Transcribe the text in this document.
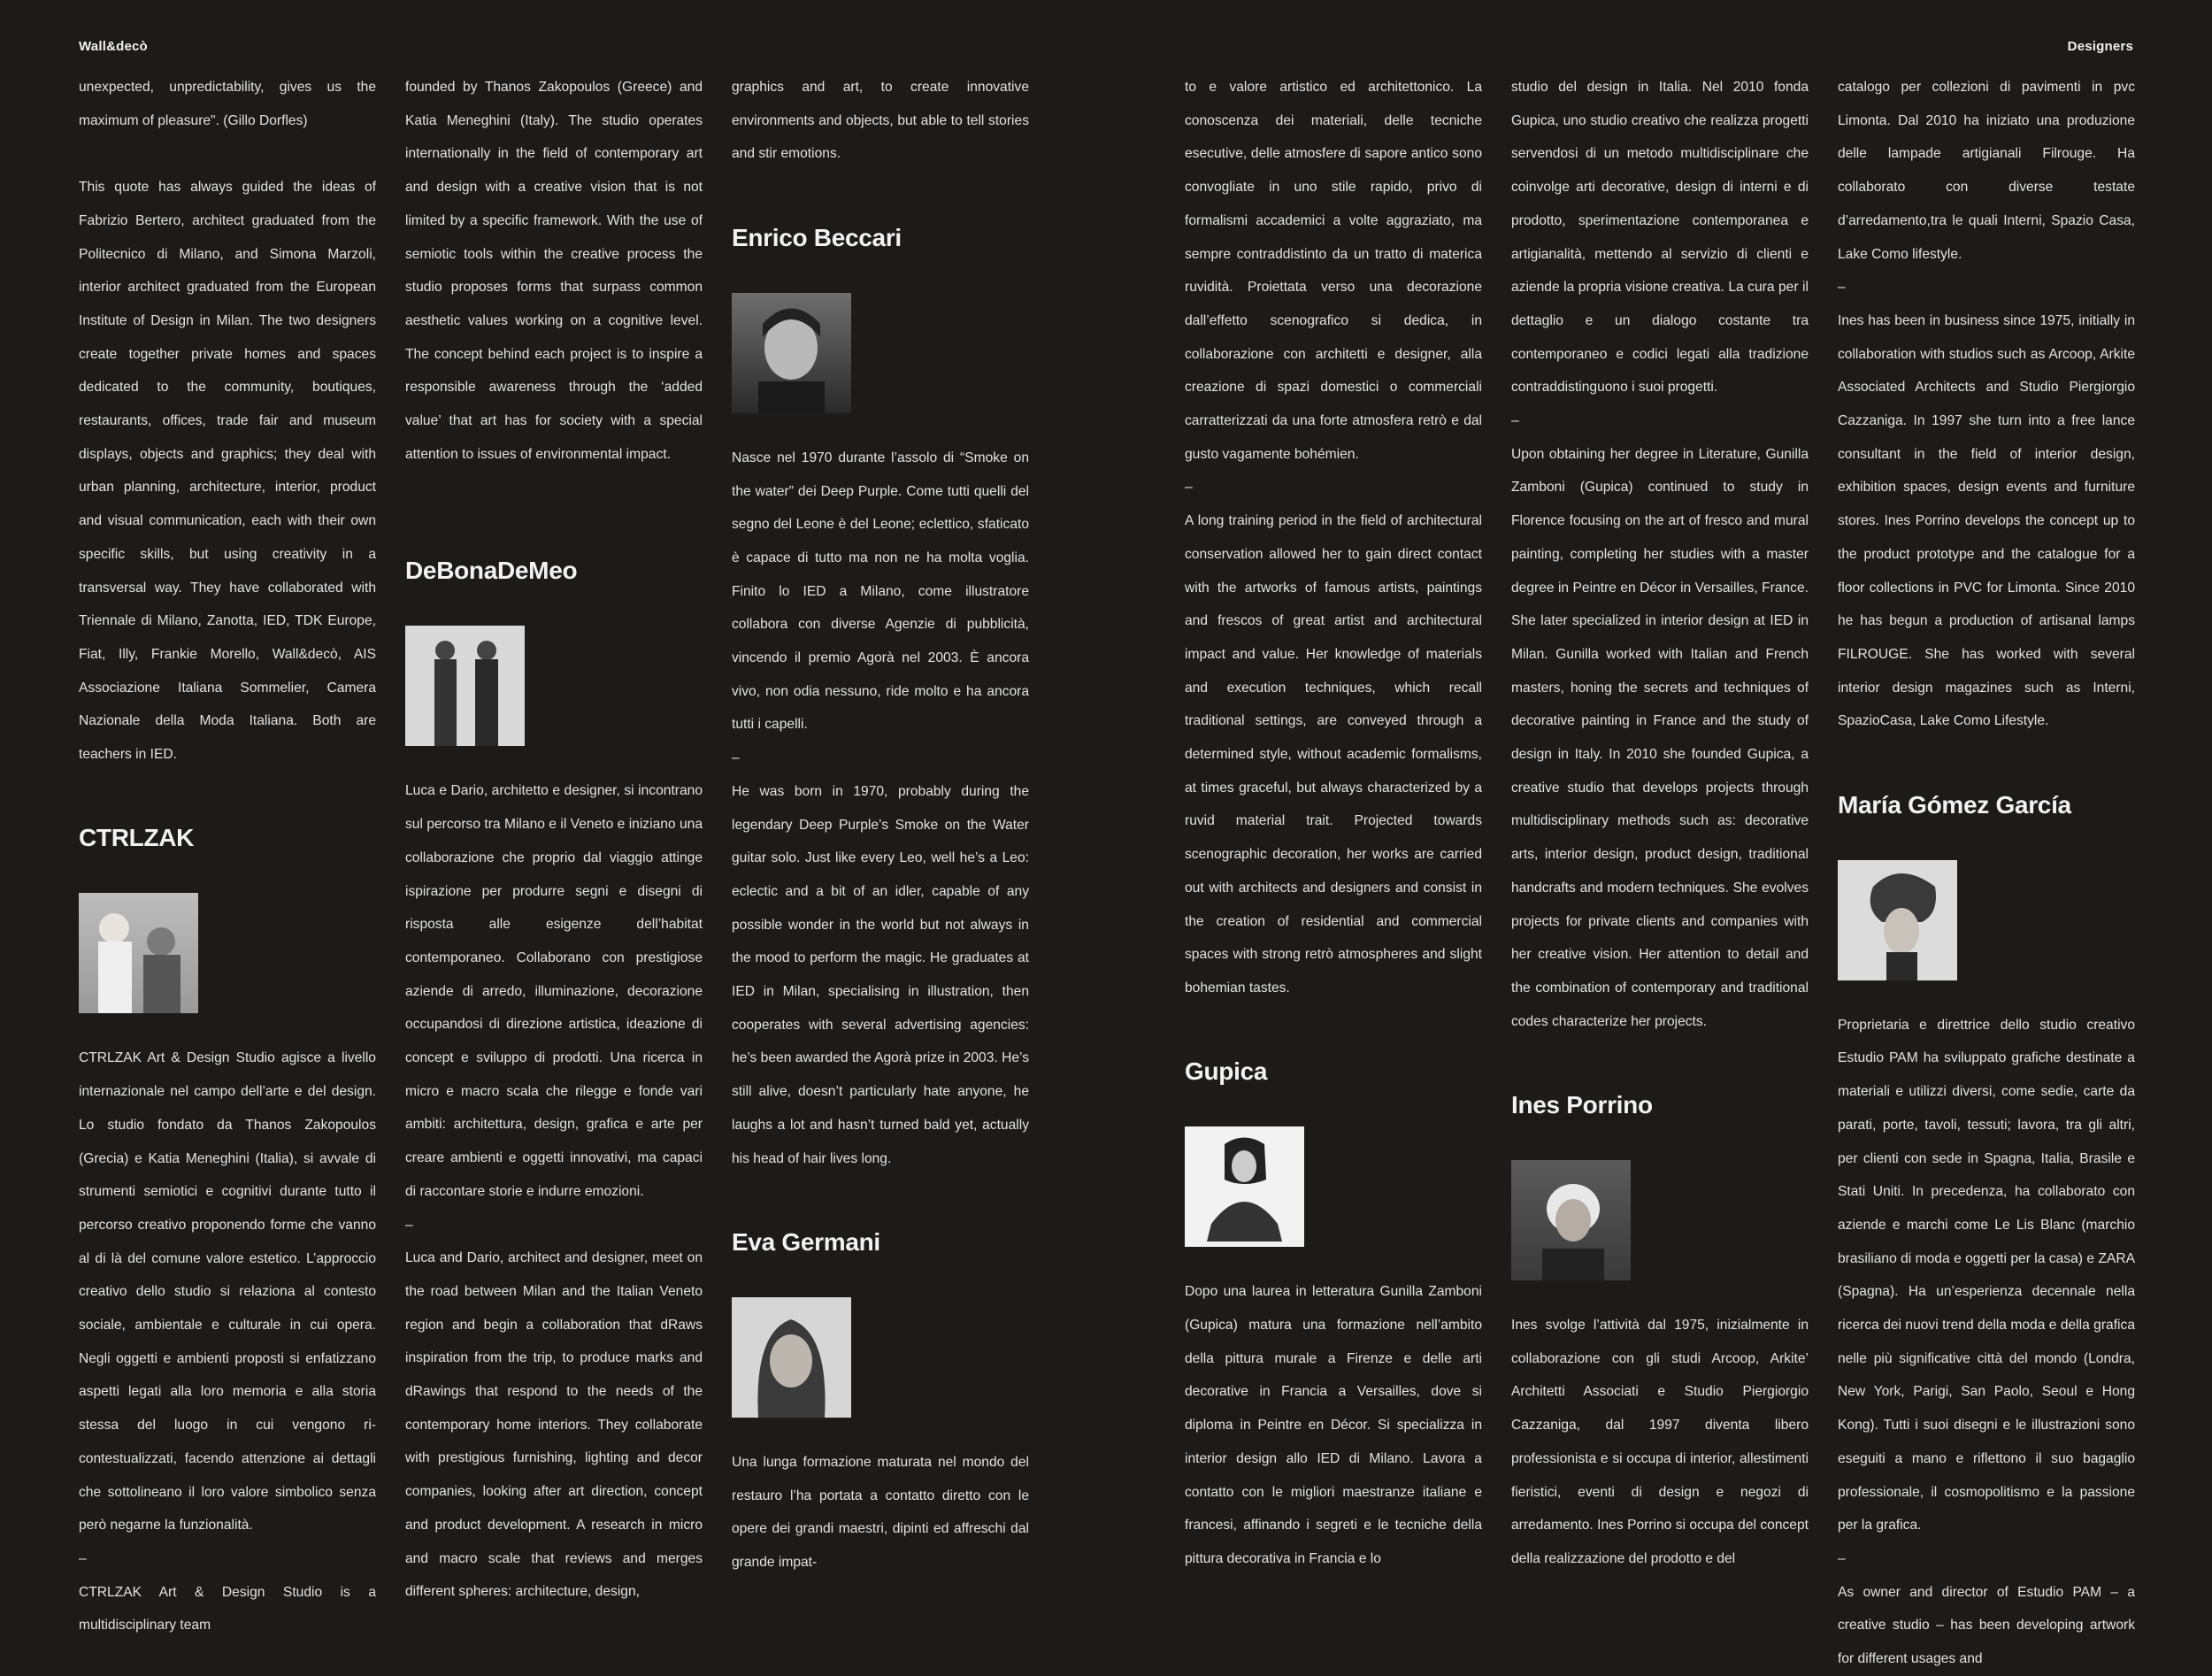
Wall&decò	Designers

unexpected, unpredictability, gives us the maximum of pleasure". (Gillo Dorfles)

This quote has always guided the ideas of Fabrizio Bertero, architect graduated from the Politecnico di Milano, and Simona Marzoli, interior architect graduated from the European Institute of Design in Milan. The two designers create together private homes and spaces dedicated to the community, boutiques, restaurants, offices, trade fair and museum displays, objects and graphics; they deal with urban planning, architecture, interior, product and visual communication, each with their own specific skills, but using creativity in a transversal way. They have collaborated with Triennale di Milano, Zanotta, IED, TDK Europe, Fiat, Illy, Frankie Morello, Wall&decò, AIS Associazione Italiana Sommelier, Camera Nazionale della Moda Italiana. Both are teachers in IED.

CTRLZAK

CTRLZAK Art & Design Studio agisce a livello internazionale nel campo dell’arte e del design. Lo studio fondato da Thanos Zakopoulos (Grecia) e Katia Meneghini (Italia), si avvale di strumenti semiotici e cognitivi durante tutto il percorso creativo proponendo forme che vanno al di là del comune valore estetico. L’approccio creativo dello studio si relaziona al contesto sociale, ambientale e culturale in cui opera. Negli oggetti e ambienti proposti si enfatizzano aspetti legati alla loro memoria e alla storia stessa del luogo in cui vengono ri-contestualizzati, facendo attenzione ai dettagli che sottolineano il loro valore simbolico senza però negarne la funzionalità.

–

CTRLZAK Art & Design Studio is a multidisciplinary team

founded by Thanos Zakopoulos (Greece) and Katia Meneghini (Italy). The studio operates internationally in the field of contemporary art and design with a creative vision that is not limited by a specific framework. With the use of semiotic tools within the creative process the studio proposes forms that surpass common aesthetic values working on a cognitive level. The concept behind each project is to inspire a responsible awareness through the ‘added value’ that art has for society with a special attention to issues of environmental impact.

DeBonaDeMeo

Luca e Dario, architetto e designer, si incontrano sul percorso tra Milano e il Veneto e iniziano una collaborazione che proprio dal viaggio attinge ispirazione per produrre segni e disegni di risposta alle esigenze dell’habitat contemporaneo. Collaborano con prestigiose aziende di arredo, illuminazione, decorazione occupandosi di direzione artistica, ideazione di concept e sviluppo di prodotti. Una ricerca in micro e macro scala che rilegge e fonde vari ambiti: architettura, design, grafica e arte per creare ambienti e oggetti innovativi, ma capaci di raccontare storie e indurre emozioni.

–

Luca and Dario, architect and designer, meet on the road between Milan and the Italian Veneto region and begin a collaboration that dRaws inspiration from the trip, to produce marks and dRawings that respond to the needs of the contemporary home interiors. They collaborate with prestigious furnishing, lighting and decor companies, looking after art direction, concept and product development. A research in micro and macro scale that reviews and merges different spheres: architecture, design,

graphics and art, to create innovative environments and objects, but able to tell stories and stir emotions.

Enrico Beccari

Nasce nel 1970 durante l’assolo di “Smoke on the water” dei Deep Purple. Come tutti quelli del segno del Leone è del Leone; eclettico, sfaticato è capace di tutto ma non ne ha molta voglia. Finito lo IED a Milano, come illustratore collabora con diverse Agenzie di pubblicità, vincendo il premio Agorà nel 2003. È ancora vivo, non odia nessuno, ride molto e ha ancora tutti i capelli.

–

He was born in 1970, probably during the legendary Deep Purple’s Smoke on the Water guitar solo. Just like every Leo, well he’s a Leo: eclectic and a bit of an idler, capable of any possible wonder in the world but not always in the mood to perform the magic. He graduates at IED in Milan, specialising in illustration, then cooperates with several advertising agencies: he’s been awarded the Agorà prize in 2003. He’s still alive, doesn’t particularly hate anyone, he laughs a lot and hasn’t turned bald yet, actually his head of hair lives long.

Eva Germani

Una lunga formazione maturata nel mondo del restauro l’ha portata a contatto diretto con le opere dei grandi maestri, dipinti ed affreschi dal grande impat-

to e valore artistico ed architettonico. La conoscenza dei materiali, delle tecniche esecutive, delle atmosfere di sapore antico sono convogliate in uno stile rapido, privo di formalismi accademici a volte aggraziato, ma sempre contraddistinto da un tratto di materica ruvidità. Proiettata verso una decorazione dall’effetto scenografico si dedica, in collaborazione con architetti e designer, alla creazione di spazi domestici o commerciali carratterizzati da una forte atmosfera retrò e dal gusto vagamente bohémien.

–

A long training period in the field of architectural conservation allowed her to gain direct contact with the artworks of famous artists, paintings and frescos of great artist and architectural impact and value. Her knowledge of materials and execution techniques, which recall traditional settings, are conveyed through a determined style, without academic formalisms, at times graceful, but always characterized by a ruvid material trait. Projected towards scenographic decoration, her works are carried out with architects and designers and consist in the creation of residential and commercial spaces with strong retrò atmospheres and slight bohemian tastes.

Gupica

Dopo una laurea in letteratura Gunilla Zamboni (Gupica) matura una formazione nell’ambito della pittura murale a Firenze e delle arti decorative in Francia a Versailles, dove si diploma in Peintre en Décor. Si specializza in interior design allo IED di Milano. Lavora a contatto con le migliori maestranze italiane e francesi, affinando i segreti e le tecniche della pittura decorativa in Francia e lo

studio del design in Italia. Nel 2010 fonda Gupica, uno studio creativo che realizza progetti servendosi di un metodo multidisciplinare che coinvolge arti decorative, design di interni e di prodotto, sperimentazione contemporanea e artigianalità, mettendo al servizio di clienti e aziende la propria visione creativa. La cura per il dettaglio e un dialogo costante tra contemporaneo e codici legati alla tradizione contraddistinguono i suoi progetti.

–

Upon obtaining her degree in Literature, Gunilla Zamboni (Gupica) continued to study in Florence focusing on the art of fresco and mural painting, completing her studies with a master degree in Peintre en Décor in Versailles, France. She later specialized in interior design at IED in Milan. Gunilla worked with Italian and French masters, honing the secrets and techniques of decorative painting in France and the study of design in Italy. In 2010 she founded Gupica, a creative studio that develops projects through multidisciplinary methods such as: decorative arts, interior design, product design, traditional handcrafts and modern techniques. She evolves projects for private clients and companies with her creative vision. Her attention to detail and the combination of contemporary and traditional codes characterize her projects.

Ines Porrino

Ines svolge l’attività dal 1975, inizialmente in collaborazione con gli studi Arcoop, Arkite’ Architetti Associati e Studio Piergiorgio Cazzaniga, dal 1997 diventa libero professionista e si occupa di interior, allestimenti fieristici, eventi di design e negozi di arredamento. Ines Porrino si occupa del concept della realizzazione del prodotto e del

catalogo per collezioni di pavimenti in pvc Limonta. Dal 2010 ha iniziato una produzione delle lampade artigianali Filrouge. Ha collaborato con diverse testate d’arredamento,tra le quali Interni, Spazio Casa, Lake Como lifestyle.

–

Ines has been in business since 1975, initially in collaboration with studios such as Arcoop, Arkite Associated Architects and Studio Piergiorgio Cazzaniga. In 1997 she turn into a free lance consultant in the field of interior design, exhibition spaces, design events and furniture stores. Ines Porrino develops the concept up to the product prototype and the catalogue for a floor collections in PVC for Limonta. Since 2010 he has begun a production of artisanal lamps FILROUGE. She has worked with several interior design magazines such as Interni, SpazioCasa, Lake Como Lifestyle.

María Gómez García

Proprietaria e direttrice dello studio creativo Estudio PAM ha sviluppato grafiche destinate a materiali e utilizzi diversi, come sedie, carte da parati, porte, tavoli, tessuti; lavora, tra gli altri, per clienti con sede in Spagna, Italia, Brasile e Stati Uniti. In precedenza, ha collaborato con aziende e marchi come Le Lis Blanc (marchio brasiliano di moda e oggetti per la casa) e ZARA (Spagna). Ha un’esperienza decennale nella ricerca dei nuovi trend della moda e della grafica nelle più significative città del mondo (Londra, New York, Parigi, San Paolo, Seoul e Hong Kong). Tutti i suoi disegni e le illustrazioni sono eseguiti a mano e riflettono il suo bagaglio professionale, il cosmopolitismo e la passione per la grafica.

–

As owner and director of Estudio PAM – a creative studio – has been developing artwork for different usages and
